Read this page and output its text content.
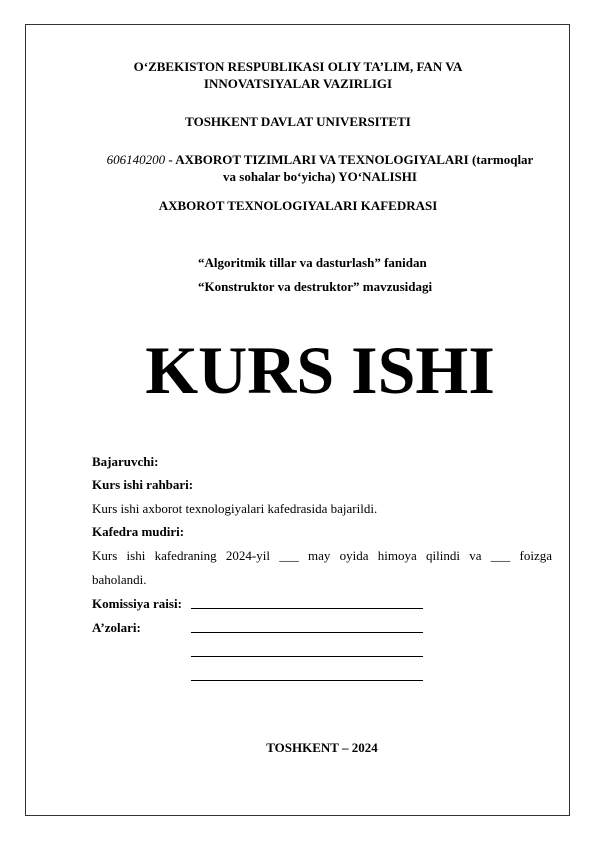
O‘ZBEKISTON RESPUBLIKASI OLIY TA’LIM, FAN VA
INNOVATSIYALAR VAZIRLIGI
TOSHKENT DAVLAT UNIVERSITETI
606140200 - AXBOROT TIZIMLARI VA TEXNOLOGIYALARI (tarmoqlar
va sohalar bo‘yicha) YO‘NALISHI
AXBOROT TEXNOLOGIYALARI KAFEDRASI
“Algoritmik tillar va dasturlash” fanidan
“Konstruktor va destruktor” mavzusidagi
KURS ISHI
Bajaruvchi:
Kurs ishi rahbari:
Kurs ishi axborot texnologiyalari kafedrasida bajarildi.
Kafedra mudiri:
Kurs ishi kafedraning 2024-yil ___ may oyida himoya qilindi va ___ foizga
baholandi.
Komissiya raisi:
A’zolari:
TOSHKENT – 2024
